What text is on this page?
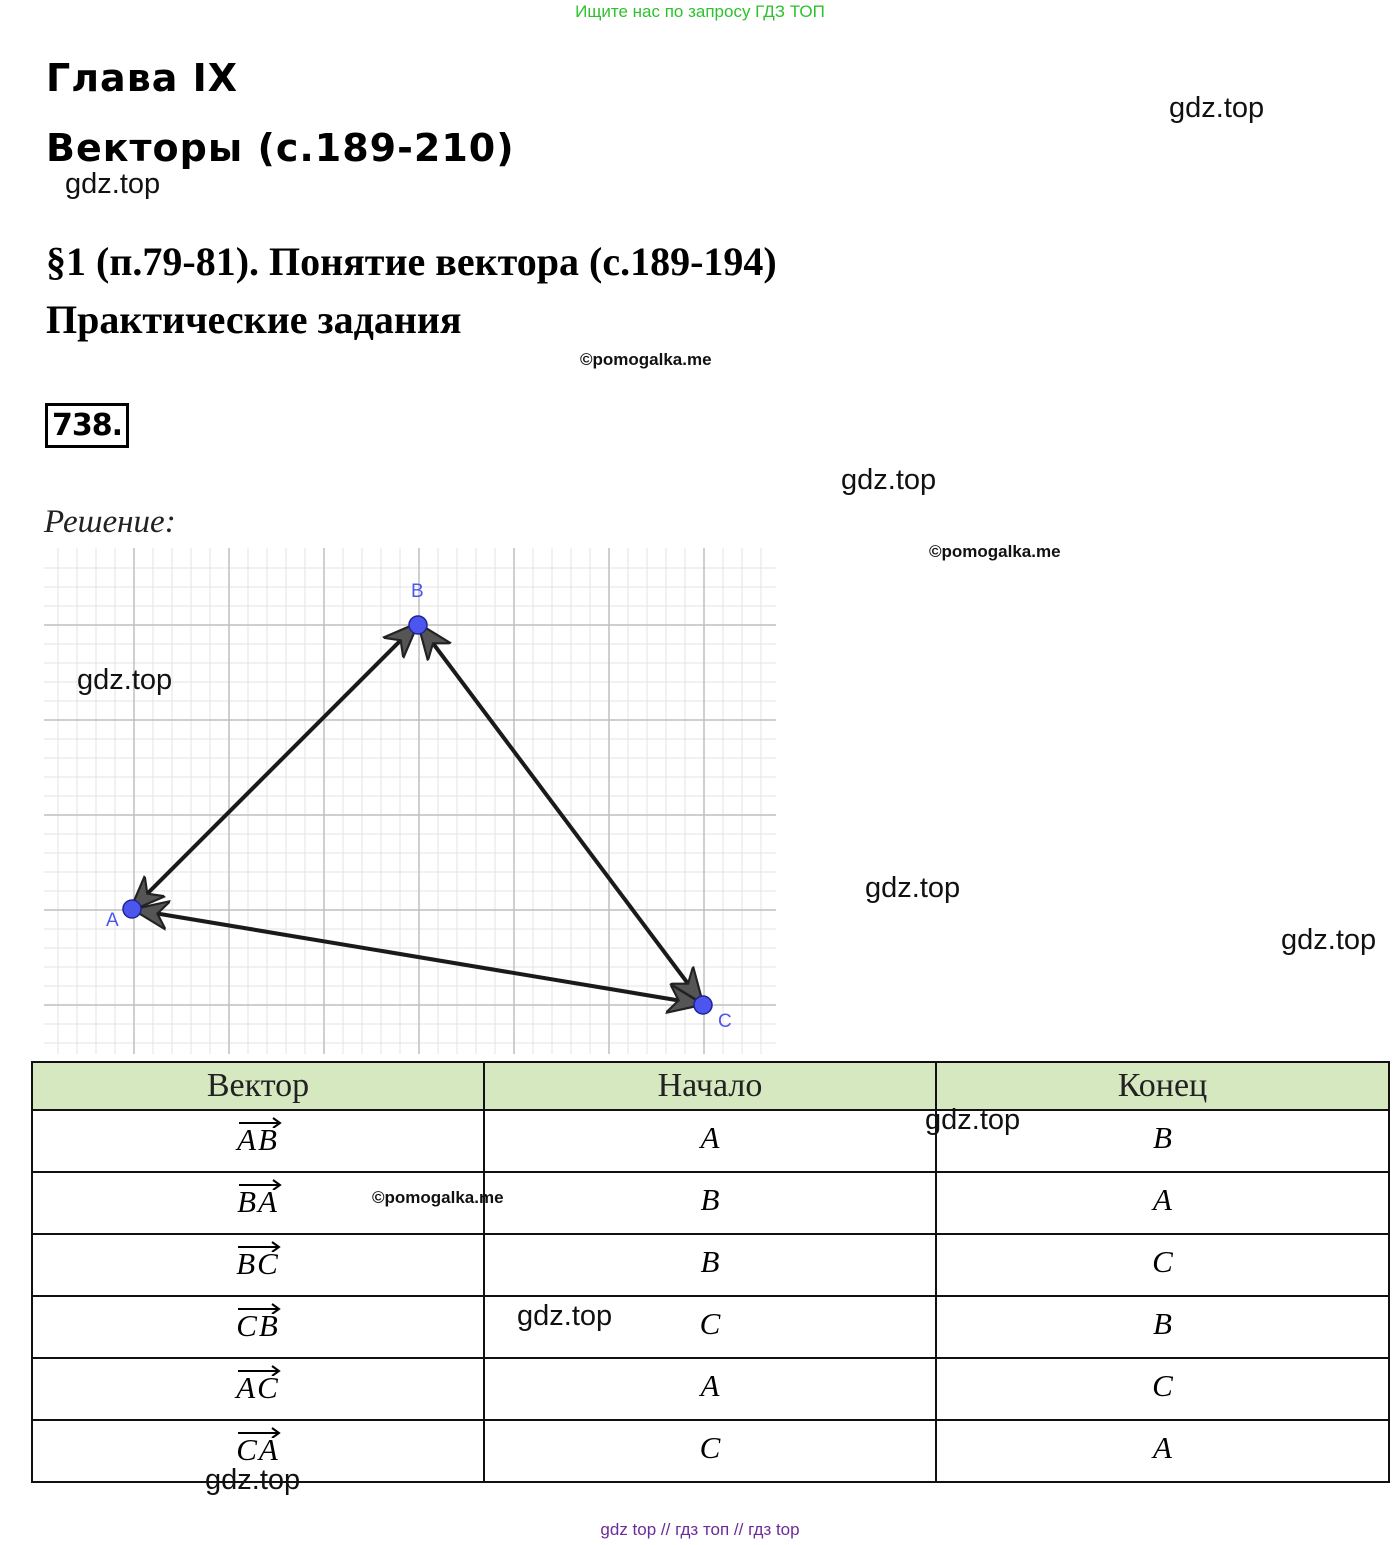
Ищите нас по запросу ГДЗ ТОП
Глава IX
Векторы (с.189-210)
§1 (п.79-81). Понятие вектора (с.189-194)
Практические задания
738.
Решение:
A
B
C
gdz.top
gdz.top
©pomogalka.me
gdz.top
©pomogalka.me
gdz.top
gdz.top
gdz.top
Вектор	Начало	Конец
AB	A	B
BA	B	A
BC	B	C
CB	C	B
AC	A	C
CA	C	A
gdz.top
©pomogalka.me
gdz.top
gdz.top
gdz top // гдз топ // гдз top
